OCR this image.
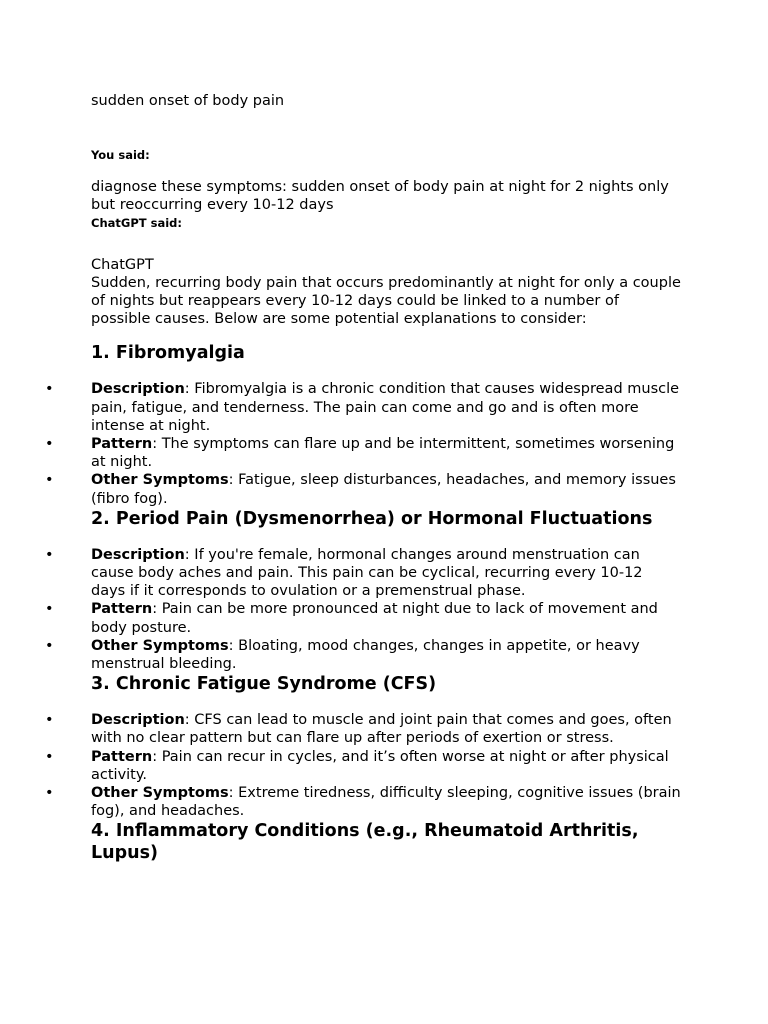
sudden onset of body pain

You said:

diagnose these symptoms: sudden onset of body pain at night for 2 nights only but reoccurring every 10-12 days

ChatGPT said:

ChatGPT

Sudden, recurring body pain that occurs predominantly at night for only a couple of nights but reappears every 10-12 days could be linked to a number of possible causes. Below are some potential explanations to consider:

1. Fibromyalgia
•	Description: Fibromyalgia is a chronic condition that causes widespread muscle pain, fatigue, and tenderness. The pain can come and go and is often more intense at night.
•	Pattern: The symptoms can flare up and be intermittent, sometimes worsening at night.
•	Other Symptoms: Fatigue, sleep disturbances, headaches, and memory issues (fibro fog).
2. Period Pain (Dysmenorrhea) or Hormonal Fluctuations
•	Description: If you're female, hormonal changes around menstruation can cause body aches and pain. This pain can be cyclical, recurring every 10-12 days if it corresponds to ovulation or a premenstrual phase.
•	Pattern: Pain can be more pronounced at night due to lack of movement and body posture.
•	Other Symptoms: Bloating, mood changes, changes in appetite, or heavy menstrual bleeding.
3. Chronic Fatigue Syndrome (CFS)
•	Description: CFS can lead to muscle and joint pain that comes and goes, often with no clear pattern but can flare up after periods of exertion or stress.
•	Pattern: Pain can recur in cycles, and it’s often worse at night or after physical activity.
•	Other Symptoms: Extreme tiredness, difficulty sleeping, cognitive issues (brain fog), and headaches.
4. Inflammatory Conditions (e.g., Rheumatoid Arthritis, Lupus)
